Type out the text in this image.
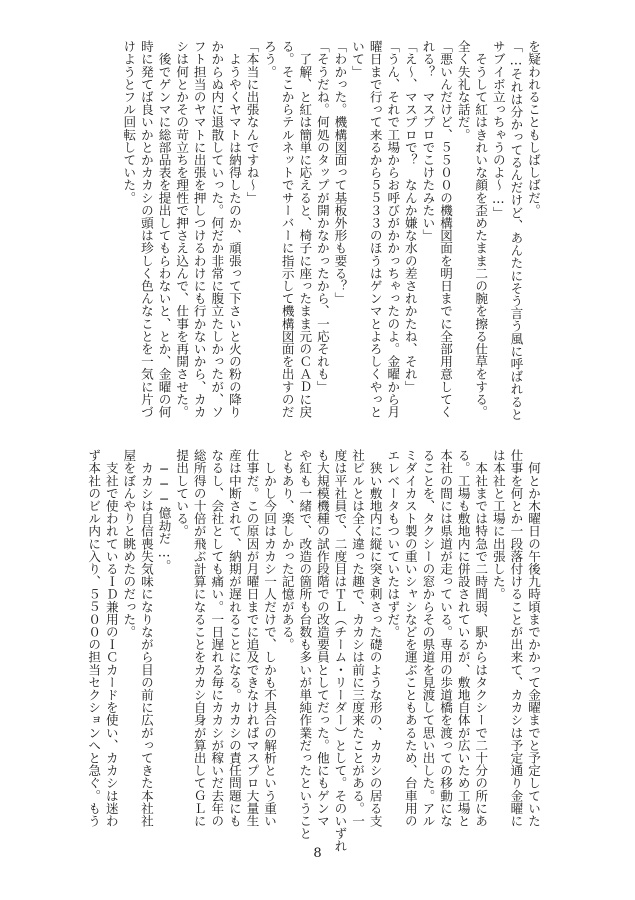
を疑われることもしばしばだ。
「…それは分かってるんだけど、あんたにそう言う風に呼ばれると
サブイボ立っちゃうのよ～…」
　そうして紅はきれいな顔を歪めたまま二の腕を擦る仕草をする。
全く失礼な話だ。
「悪いんだけど、５５００の機構図面を明日までに全部用意してく
れる？　マスプロでこけたみたい」
「え～、マスプロで？　なんか嫌な水の差されかたね、それ」
「うん、それで工場からお呼びがかかっちゃったのよ。金曜から月
曜日まで行って来るから５５３３のほうはゲンマとよろしくやっと
いて」
「わかった。機構図面って基板外形も要る？」
「そうだね。何処のタップが開かなかったから、一応それも」
　了解、と紅は簡単に応えると、椅子に座ったまま元のＣＡＤに戻
る。そこからテルネットでサーバーに指示して機構図面を出すのだ
ろう。
「本当に出張なんですね～」
　ようやくヤマトは納得したのか、頑張って下さいと火の粉の降り
かからぬ内に退散していった。何だか非常に腹立たしかったが、ソ
フト担当のヤマトに出張を押しつけるわけにも行かないから、カカ
シは何とかその苛立ちを理性で押さえ込んで、仕事を再開させた。
　後でゲンマに総部品表を提出してもらわないと、とか、金曜の何
時に発てば良いかとかカカシの頭は珍しく色んなことを一気に片づ
けようとフル回転していた。
　何とか木曜日の午後九時頃までかかって金曜までと予定していた
仕事を何とか一段落付けることが出来て、カカシは予定通り金曜に
は本社と工場に出張した。
　本社までは特急で二時間弱、駅からはタクシーで二十分の所にあ
る。工場も敷地内に併設されているが、敷地自体が広いため工場と
本社の間には県道が走っている。専用の歩道橋を渡っての移動にな
ることを、タクシーの窓からその県道を見渡して思い出した。アル
ミダイカスト製の重いシャシなどを運ぶこともあるため、台車用の
エレベータもついていたはずだ。
　狭い敷地内に縦に突き刺さった礎のような形の、カカシの居る支
社ビルとは全く違った趣で、カカシは前に三度来たことがある。一
度は平社員で、二度目はＴＬ（チーム・リーダー）として。そのいずれ
も大規模機種の試作段階での改造要員としてだった。他にもゲンマ
や紅も一緒で、改造の箇所も台数も多いが単純作業だったということ
ともあり、楽しかった記憶がある。
　しかし今回はカカシ一人だけで、しかも不具合の解析という重い
仕事だ。この原因が月曜日までに追及できなければマスプロ大量生
産は中断されて、納期が遅れることになる。カカシの責任問題にも
なるし、会社としても痛い。一日遅れる毎にカカシが稼いだ去年の
総所得の十倍が飛ぶ計算になることをカカシ自身が算出してＧＬに
提出している。
　───億劫だ…。
　カカシは自信喪失気味になりながら目の前に広がってきた本社社
屋をぼんやりと眺めたのだった。
　支社で使われているＩＤ兼用のＩＣカードを使い、カカシは迷わ
ず本社のビル内に入り、５５００の担当セクションへと急ぐ。もう
8
